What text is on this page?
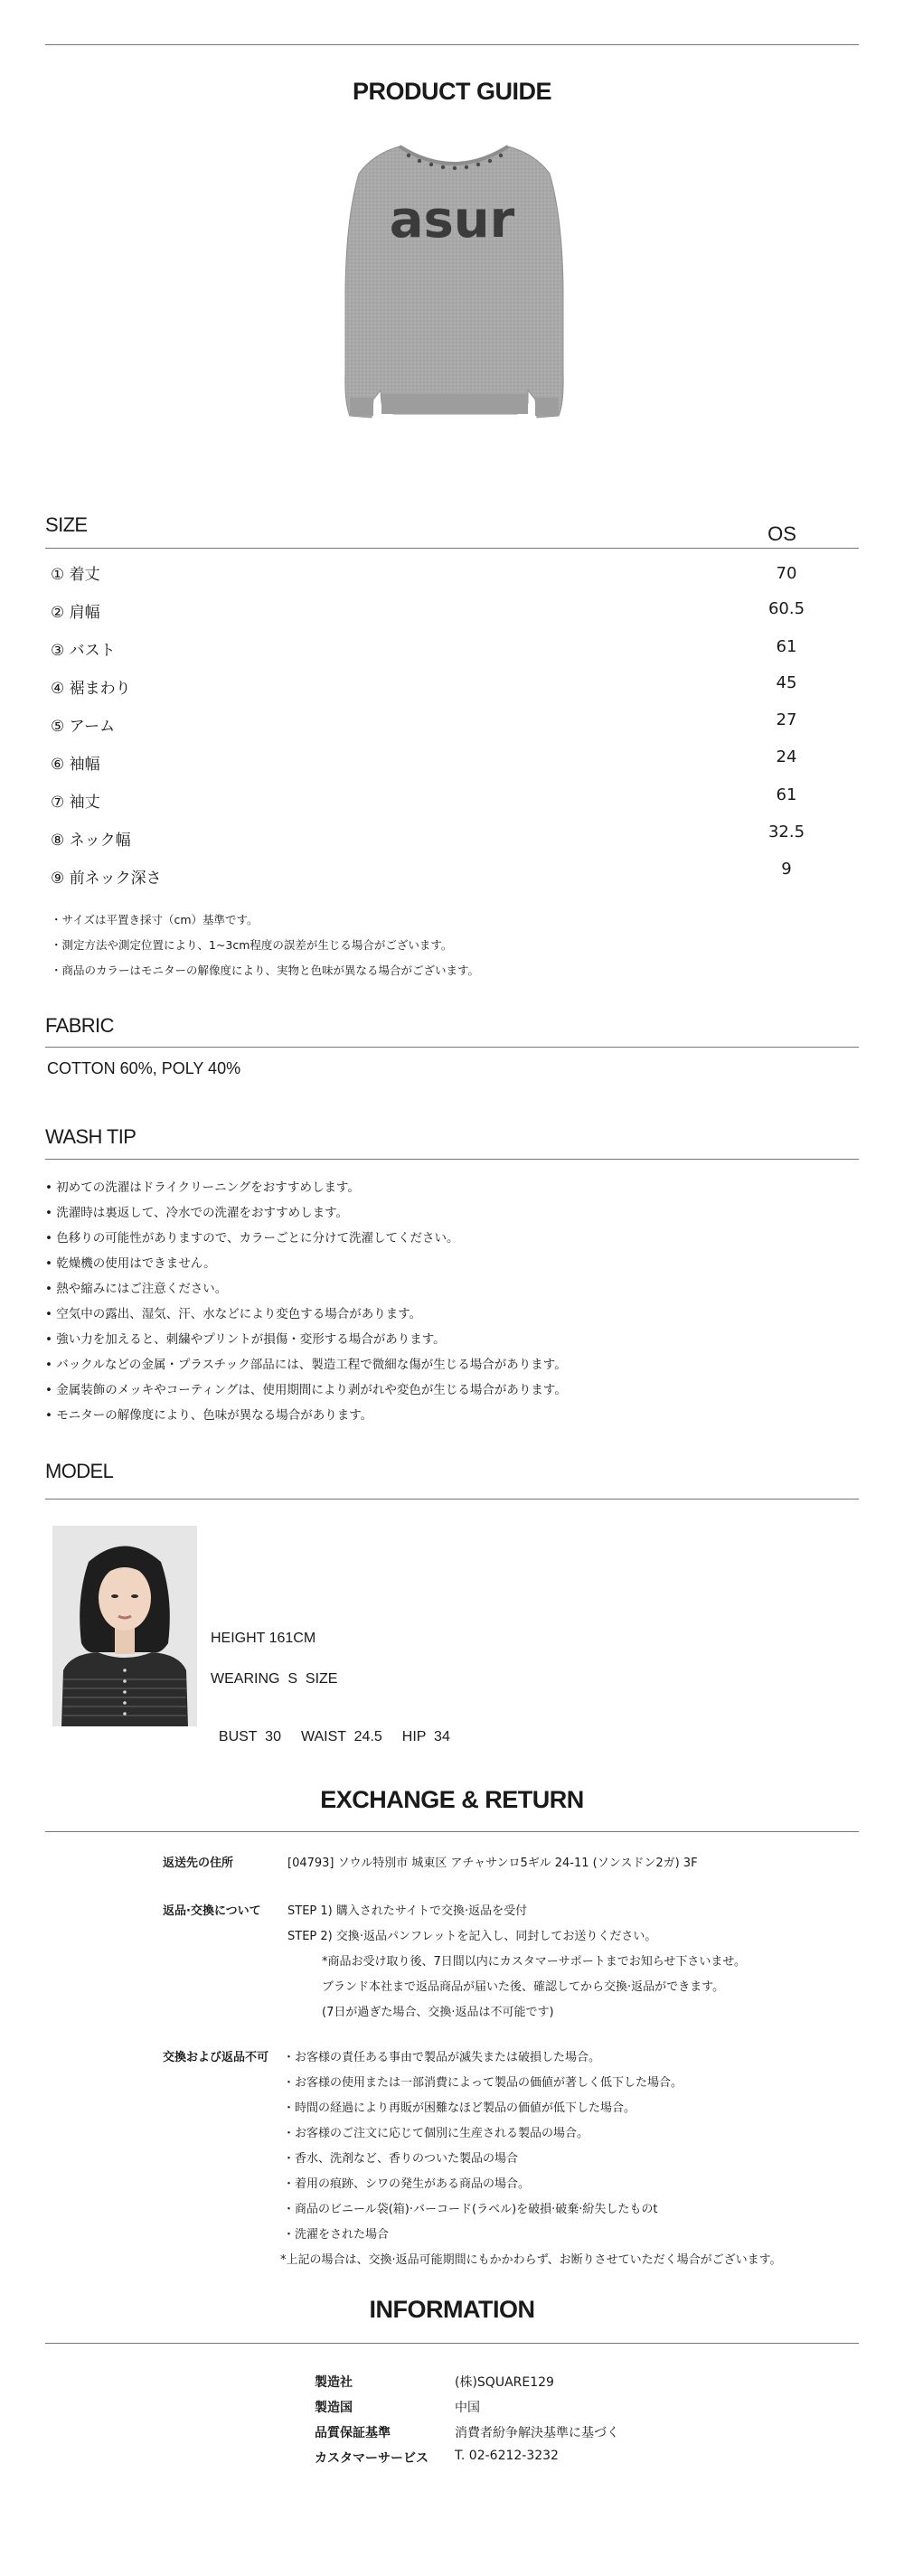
PRODUCT GUIDE
asur
SIZE	OS
① 着丈	70
② 肩幅	60.5
③ バスト	61
④ 裾まわり	45
⑤ アーム	27
⑥ 袖幅	24
⑦ 袖丈	61
⑧ ネック幅	32.5
⑨ 前ネック深さ	9
・サイズは平置き採寸（cm）基準です。
・測定方法や測定位置により、1~3cm程度の誤差が生じる場合がございます。
・商品のカラーはモニターの解像度により、実物と色味が異なる場合がございます。
FABRIC
COTTON 60%, POLY 40%
WASH TIP
• 初めての洗濯はドライクリーニングをおすすめします。
• 洗濯時は裏返して、冷水での洗濯をおすすめします。
• 色移りの可能性がありますので、カラーごとに分けて洗濯してください。
• 乾燥機の使用はできません。
• 熱や縮みにはご注意ください。
• 空気中の露出、湿気、汗、水などにより変色する場合があります。
• 強い力を加えると、刺繍やプリントが損傷・変形する場合があります。
• バックルなどの金属・プラスチック部品には、製造工程で微細な傷が生じる場合があります。
• 金属装飾のメッキやコーティングは、使用期間により剥がれや変色が生じる場合があります。
• モニターの解像度により、色味が異なる場合があります。
MODEL
HEIGHT 161CM
WEARING  S  SIZE

BUST  30 WAIST  24.5 HIP  34

EXCHANGE & RETURN
返送先の住所	[04793] ソウル特別市 城東区 アチャサンロ5ギル 24-11 (ソンスドン2ガ) 3F
返品·交換について STEP 1) 購入されたサイトで交換·返品を受付
STEP 2) 交換·返品パンフレットを記入し、同封してお送りください。
*商品お受け取り後、7日間以内にカスタマーサポートまでお知らせ下さいませ。
ブランド本社まで返品商品が届いた後、確認してから交換·返品ができます。
(7日が過ぎた場合、交換·返品は不可能です)
交換および返品不可 ・お客様の責任ある事由で製品が滅失または破損した場合。
・お客様の使用または一部消費によって製品の価値が著しく低下した場合。
・時間の経過により再販が困難なほど製品の価値が低下した場合。
・お客様のご注文に応じて個別に生産される製品の場合。
・香水、洗剤など、香りのついた製品の場合
・着用の痕跡、シワの発生がある商品の場合。
・商品のビニール袋(箱)·バーコード(ラベル)を破損·破棄·紛失したものt
・洗濯をされた場合
*上記の場合は、交換·返品可能期間にもかかわらず、お断りさせていただく場合がございます。
INFORMATION
製造社	(株)SQUARE129
製造国	中国
品質保証基準	消費者紛争解決基準に基づく
カスタマーサービス T. 02-6212-3232
